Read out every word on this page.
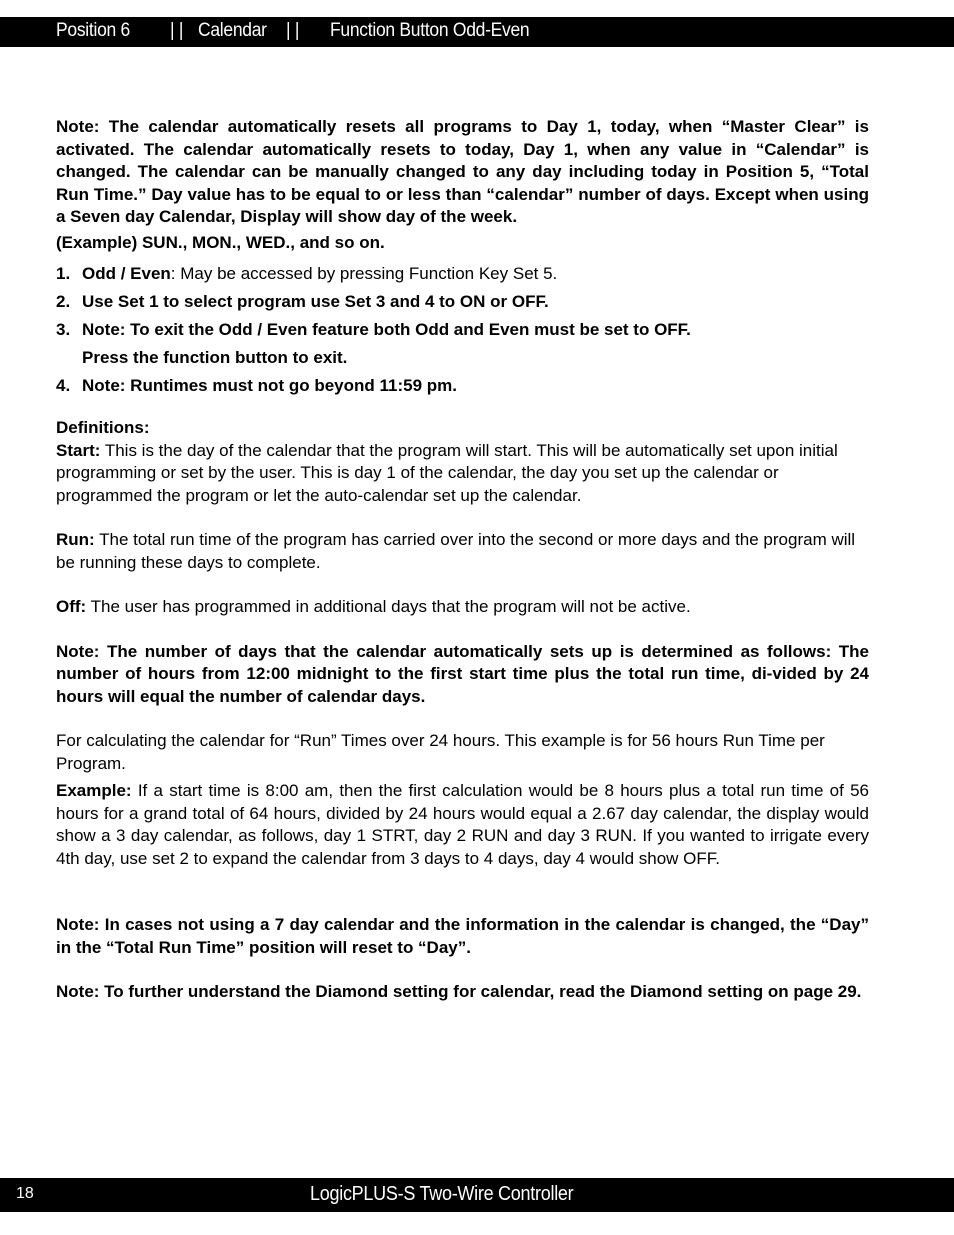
Position 6 | | Calendar | | Function Button Odd-Even

Note: The calendar automatically resets all programs to Day 1, today, when “Master Clear” is activated. The calendar automatically resets to today, Day 1, when any value in “Calendar” is changed. The calendar can be manually changed to any day including today in Position 5, “Total Run Time.” Day value has to be equal to or less than “calendar” number of days. Except when using a Seven day Calendar, Display will show day of the week.

(Example) SUN., MON., WED., and so on.

1. Odd / Even: May be accessed by pressing Function Key Set 5.
2. Use Set 1 to select program use Set 3 and 4 to ON or OFF.
3. Note: To exit the Odd / Even feature both Odd and Even must be set to OFF.
Press the function button to exit.
4. Note: Runtimes must not go beyond 11:59 pm.

Definitions:

Start: This is the day of the calendar that the program will start. This will be automatically set upon initial programming or set by the user. This is day 1 of the calendar, the day you set up the calendar or programmed the program or let the auto-calendar set up the calendar.

Run: The total run time of the program has carried over into the second or more days and the program will be running these days to complete.

Off: The user has programmed in additional days that the program will not be active.

Note: The number of days that the calendar automatically sets up is determined as follows: The number of hours from 12:00 midnight to the first start time plus the total run time, di-vided by 24 hours will equal the number of calendar days.

For calculating the calendar for “Run” Times over 24 hours. This example is for 56 hours Run Time per Program.

Example: If a start time is 8:00 am, then the first calculation would be 8 hours plus a total run time of 56 hours for a grand total of 64 hours, divided by 24 hours would equal a 2.67 day calendar, the display would show a 3 day calendar, as follows, day 1 STRT, day 2 RUN and day 3 RUN. If you wanted to irrigate every 4th day, use set 2 to expand the calendar from 3 days to 4 days, day 4 would show OFF.

Note: In cases not using a 7 day calendar and the information in the calendar is changed, the “Day” in the “Total Run Time” position will reset to “Day”.

Note: To further understand the Diamond setting for calendar, read the Diamond setting on page 29.

18	LogicPLUS-S Two-Wire Controller
